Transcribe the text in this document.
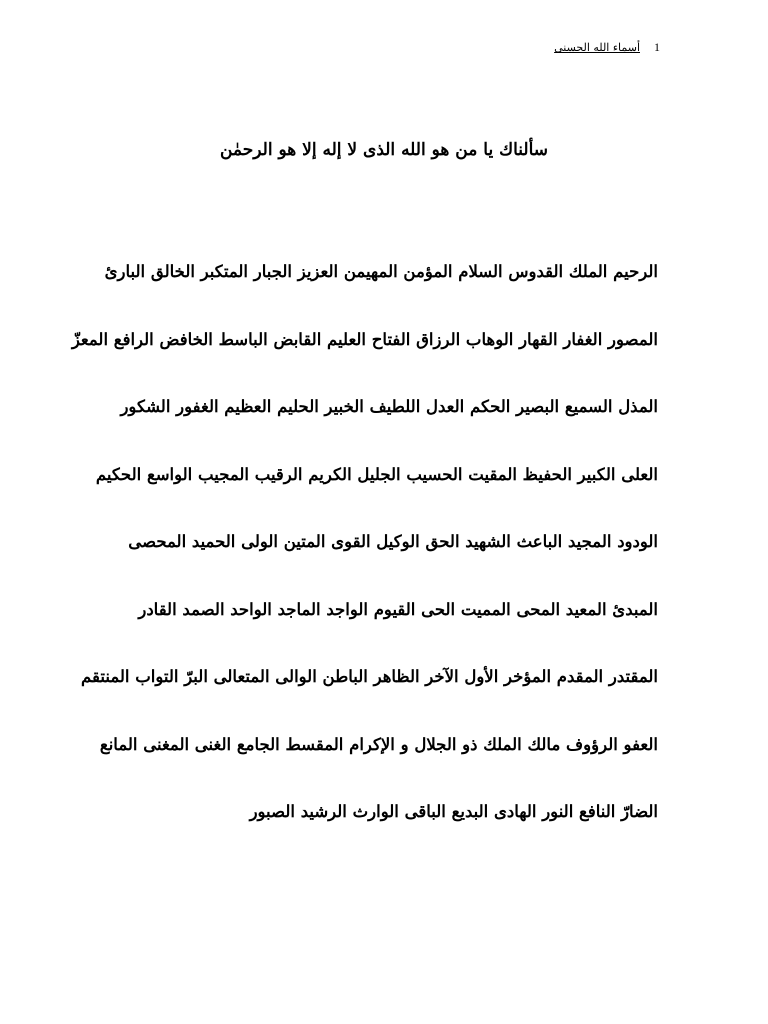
أسماء الله الحسنى 1
سألناك يا من هو الله الذى لا إله إلا هو الرحمٰن
الرحيم الملك القدوس السلام المؤمن المهيمن العزيز الجبار المتكبر الخالق البارئ
المصور الغفار القهار الوهاب الرزاق الفتاح العليم القابض الباسط الخافض الرافع المعزّ
المذل السميع البصير الحكم العدل اللطيف الخبير الحليم العظيم الغفور الشكور
العلى الكبير الحفيظ المقيت الحسيب الجليل الكريم الرقيب المجيب الواسع الحكيم
الودود المجيد الباعث الشهيد الحق الوكيل القوى المتين الولى الحميد المحصى
المبدئ المعيد المحى المميت الحى القيوم الواجد الماجد الواحد الصمد القادر
المقتدر المقدم المؤخر الأول الآخر الظاهر الباطن الوالى المتعالى البرّ التواب المنتقم
العفو الرؤوف مالك الملك ذو الجلال و الإكرام المقسط الجامع الغنى المغنى المانع
الضارّ النافع النور الهادى البديع الباقى الوارث الرشيد الصبور
